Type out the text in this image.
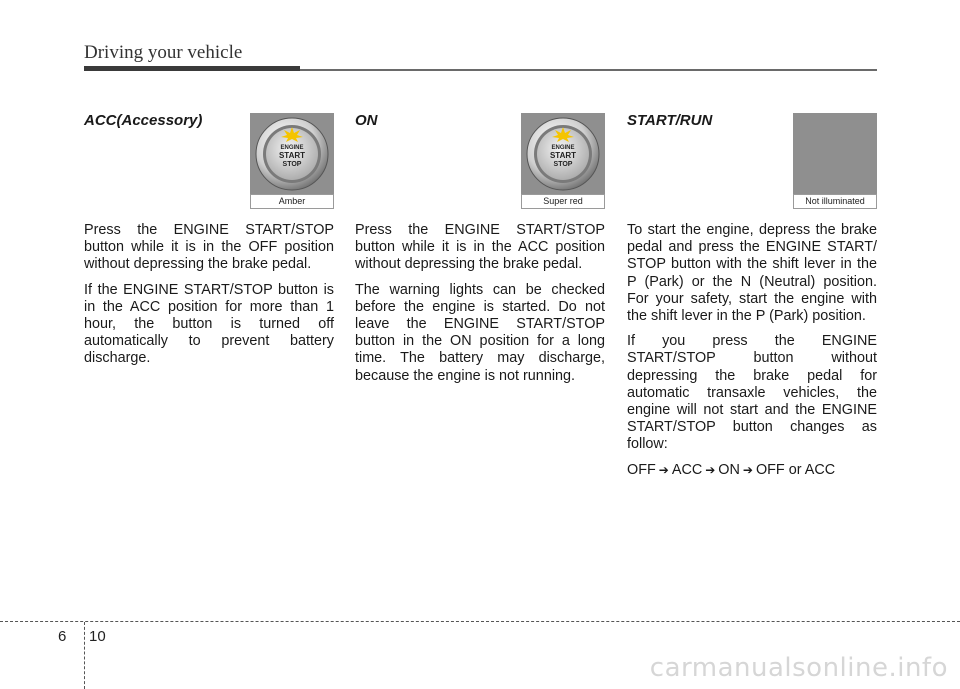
Driving your vehicle
ACC(Accessory)
ENGINE
START
STOP
Amber

Press the ENGINE START/STOP button while it is in the OFF position without depressing the brake pedal.

If the ENGINE START/STOP button is in the ACC position for more than 1 hour, the button is turned off automatically to prevent battery discharge.

ON
ENGINE
START
STOP
Super red

Press the ENGINE START/STOP button while it is in the ACC position without depressing the brake pedal.

The warning lights can be checked before the engine is started. Do not leave the ENGINE START/STOP button in the ON position for a long time. The battery may discharge, because the engine is not running.

START/RUN
Not illuminated

To start the engine, depress the brake pedal and press the ENGINE START/ STOP button with the shift lever in the P (Park) or the N (Neutral) position. For your safety, start the engine with the shift lever in the P (Park) position.

If you press the ENGINE START/STOP button without depressing the brake pedal for automatic transaxle vehicles, the engine will not start and the ENGINE START/STOP button changes as follow:

OFF ➔ ACC ➔ ON ➔ OFF or ACC

6 10
carmanualsonline.info
